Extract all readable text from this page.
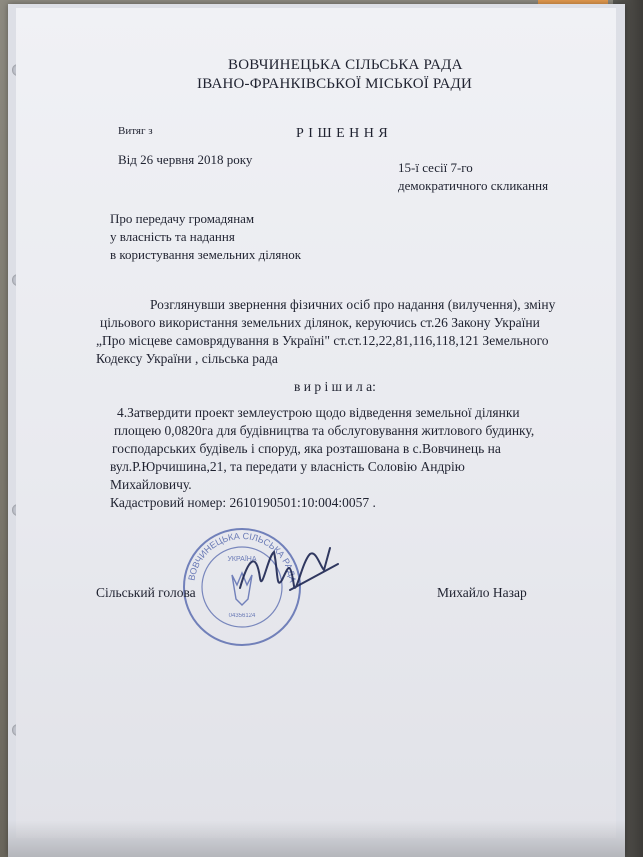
ВОВЧИНЕЦЬКА СІЛЬСЬКА РАДА
ІВАНО-ФРАНКІВСЬКОЇ МІСЬКОЇ РАДИ
Витяг з	Р І Ш Е Н Н Я
Від 26 червня 2018 року
15-ї сесії 7-го
демократичного скликання
Про передачу громадянам
у власність та надання
в користування земельних ділянок
Розглянувши звернення фізичних осіб про надання (вилучення), зміну
цільового використання земельних ділянок, керуючись ст.26 Закону України
„Про місцеве самоврядування в Україні" ст.ст.12,22,81,116,118,121 Земельного
Кодексу України , сільська рада
в и р і ш и л а:
4.Затвердити проект землеустрою щодо відведення земельної ділянки
площею 0,0820га для будівництва та обслуговування житлового будинку,
господарських будівель і споруд, яка розташована в с.Вовчинець на
вул.Р.Юрчишина,21, та передати у власність Соловію Андрію
Михайловичу.
Кадастровий номер: 2610190501:10:004:0057 .
ВОВЧИНЕЦЬКА СІЛЬСЬКА РАДА
УКРАЇНА
04356124
Сільський голова	Михайло Назар
